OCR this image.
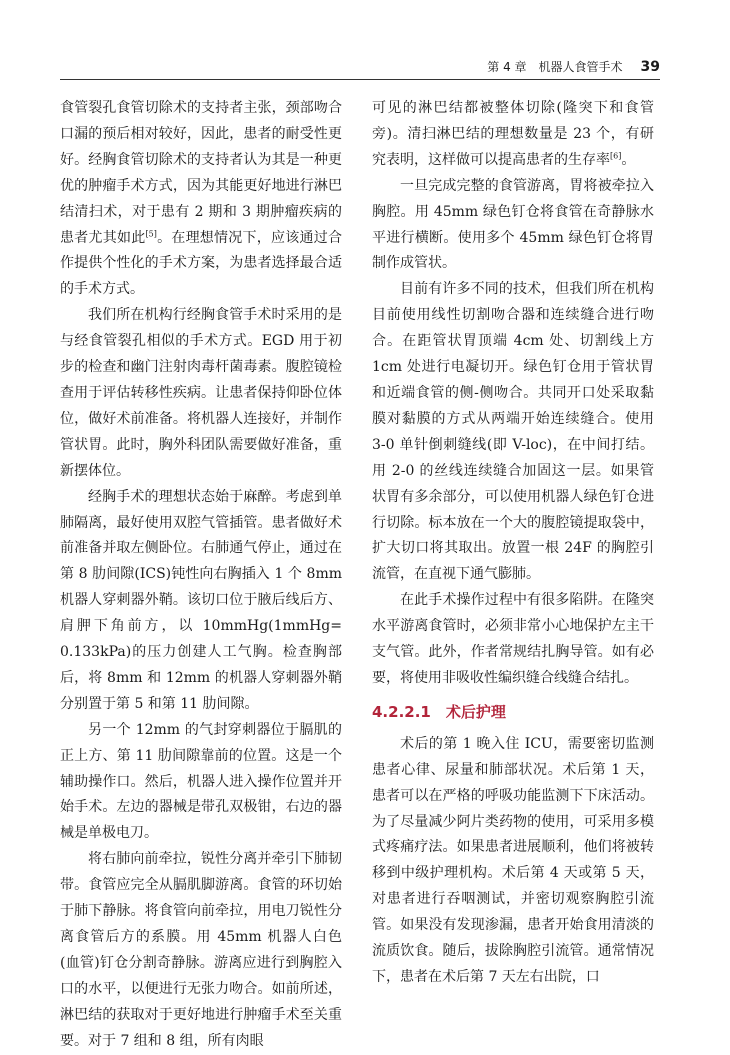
第 4 章　机器人食管手术 39

食管裂孔食管切除术的支持者主张，颈部吻合口漏的预后相对较好，因此，患者的耐受性更好。经胸食管切除术的支持者认为其是一种更优的肿瘤手术方式，因为其能更好地进行淋巴结清扫术，对于患有 2 期和 3 期肿瘤疾病的患者尤其如此[5]。在理想情况下，应该通过合作提供个性化的手术方案，为患者选择最合适的手术方式。

我们所在机构行经胸食管手术时采用的是与经食管裂孔相似的手术方式。EGD 用于初步的检查和幽门注射肉毒杆菌毒素。腹腔镜检查用于评估转移性疾病。让患者保持仰卧位体位，做好术前准备。将机器人连接好，并制作管状胃。此时，胸外科团队需要做好准备，重新摆体位。

经胸手术的理想状态始于麻醉。考虑到单肺隔离，最好使用双腔气管插管。患者做好术前准备并取左侧卧位。右肺通气停止，通过在第 8 肋间隙(ICS)钝性向右胸插入 1 个 8mm 机器人穿刺器外鞘。该切口位于腋后线后方、肩胛下角前方，以 10mmHg(1mmHg= 0.133kPa)的压力创建人工气胸。检查胸部后，将 8mm 和 12mm 的机器人穿刺器外鞘分别置于第 5 和第 11 肋间隙。

另一个 12mm 的气封穿刺器位于膈肌的正上方、第 11 肋间隙靠前的位置。这是一个辅助操作口。然后，机器人进入操作位置并开始手术。左边的器械是带孔双极钳，右边的器械是单极电刀。

将右肺向前牵拉，锐性分离并牵引下肺韧带。食管应完全从膈肌脚游离。食管的环切始于肺下静脉。将食管向前牵拉，用电刀锐性分离食管后方的系膜。用 45mm 机器人白色(血管)钉仓分割奇静脉。游离应进行到胸腔入口的水平，以便进行无张力吻合。如前所述，淋巴结的获取对于更好地进行肿瘤手术至关重要。对于 7 组和 8 组，所有肉眼

可见的淋巴结都被整体切除(隆突下和食管旁)。清扫淋巴结的理想数量是 23 个，有研究表明，这样做可以提高患者的生存率[6]。

一旦完成完整的食管游离，胃将被牵拉入胸腔。用 45mm 绿色钉仓将食管在奇静脉水平进行横断。使用多个 45mm 绿色钉仓将胃制作成管状。

目前有许多不同的技术，但我们所在机构目前使用线性切割吻合器和连续缝合进行吻合。在距管状胃顶端 4cm 处、切割线上方 1cm 处进行电凝切开。绿色钉仓用于管状胃和近端食管的侧-侧吻合。共同开口处采取黏膜对黏膜的方式从两端开始连续缝合。使用 3-0 单针倒刺缝线(即 V-loc)，在中间打结。用 2-0 的丝线连续缝合加固这一层。如果管状胃有多余部分，可以使用机器人绿色钉仓进行切除。标本放在一个大的腹腔镜提取袋中，扩大切口将其取出。放置一根 24F 的胸腔引流管，在直视下通气膨肺。

在此手术操作过程中有很多陷阱。在隆突水平游离食管时，必须非常小心地保护左主干支气管。此外，作者常规结扎胸导管。如有必要，将使用非吸收性编织缝合线缝合结扎。

4.2.2.1　术后护理

术后的第 1 晚入住 ICU，需要密切监测患者心律、尿量和肺部状况。术后第 1 天，患者可以在严格的呼吸功能监测下下床活动。为了尽量减少阿片类药物的使用，可采用多模式疼痛疗法。如果患者进展顺利，他们将被转移到中级护理机构。术后第 4 天或第 5 天，对患者进行吞咽测试，并密切观察胸腔引流管。如果没有发现渗漏，患者开始食用清淡的流质饮食。随后，拔除胸腔引流管。通常情况下，患者在术后第 7 天左右出院，口
